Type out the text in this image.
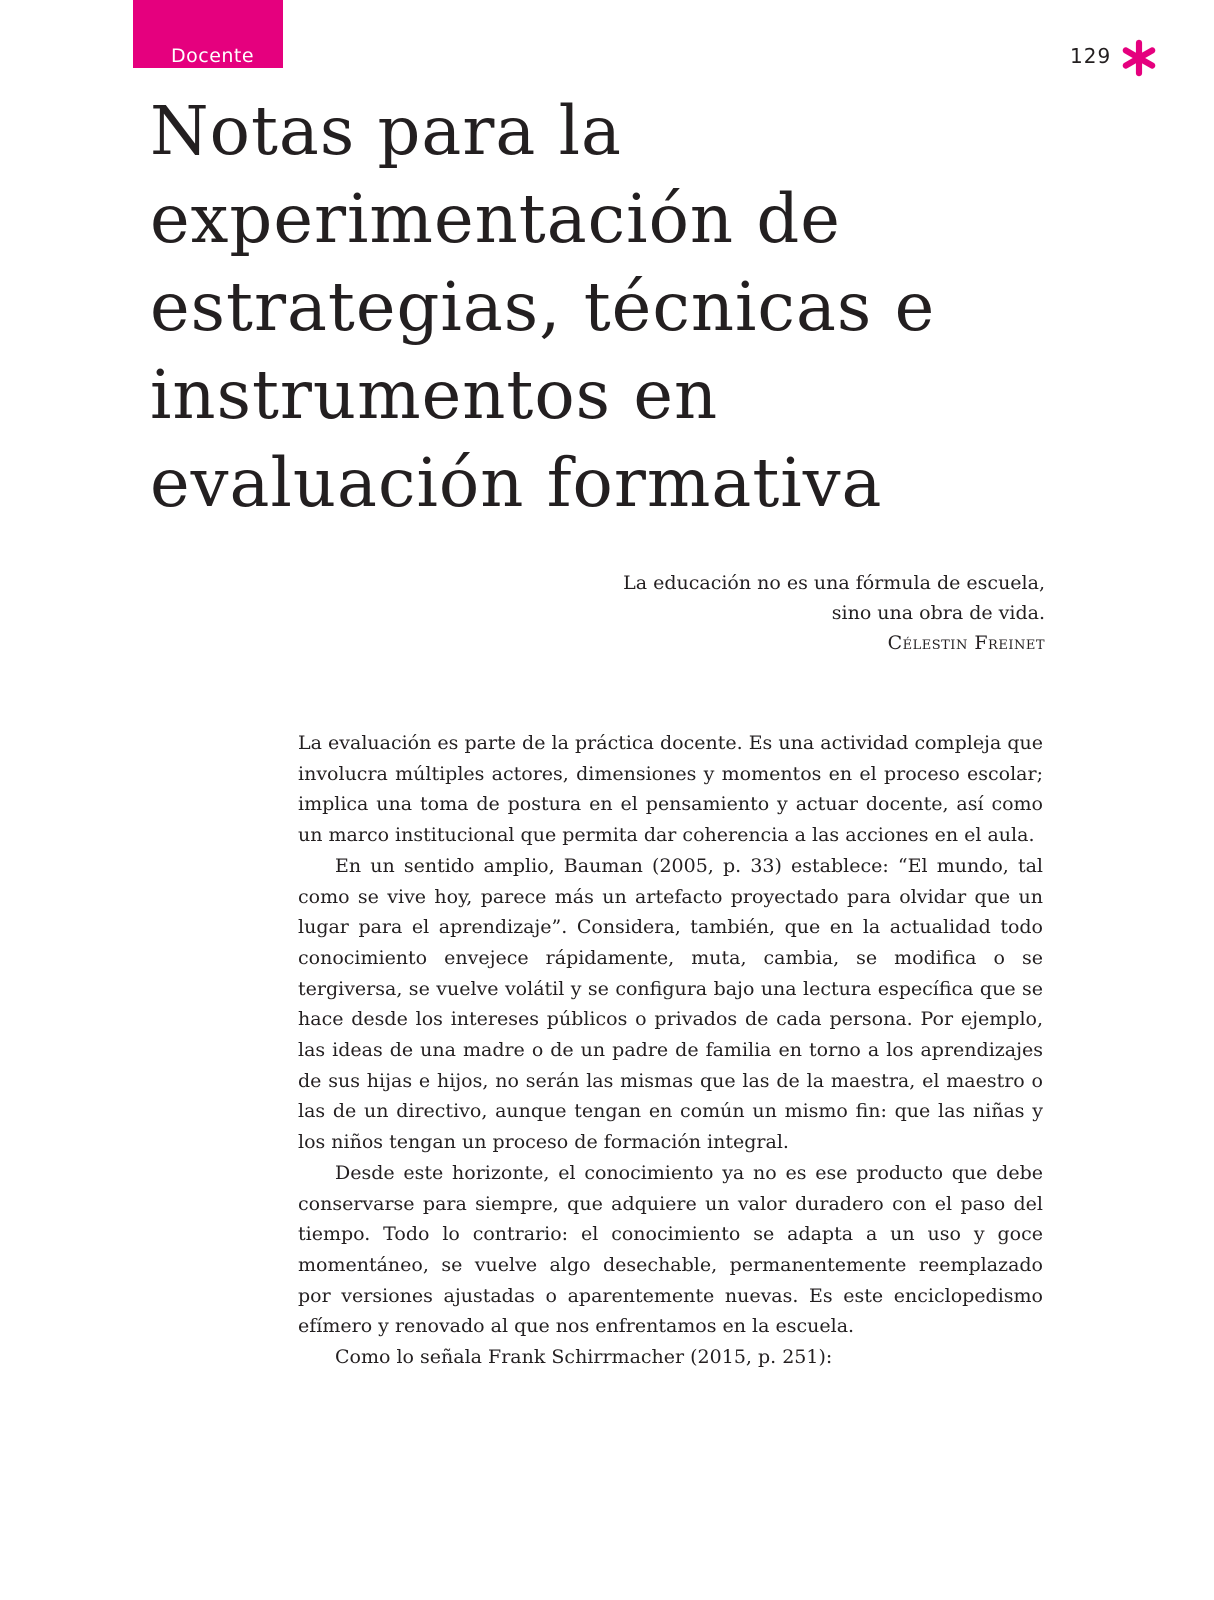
Docente	129
Notas para la
experimentación de
estrategias, técnicas e
instrumentos en
evaluación formativa
La educación no es una fórmula de escuela,
sino una obra de vida.
Célestin Freinet

La evaluación es parte de la práctica docente. Es una actividad compleja que involucra múltiples actores, dimensiones y momentos en el proceso escolar; implica una toma de postura en el pensamiento y actuar docente, así como un marco institucional que permita dar coherencia a las acciones en el aula.

En un sentido amplio, Bauman (2005, p. 33) establece: “El mundo, tal como se vive hoy, parece más un artefacto proyectado para olvidar que un lugar para el aprendizaje”. Considera, también, que en la actualidad todo conocimiento envejece rápidamente, muta, cambia, se modifica o se tergiversa, se vuelve volátil y se configura bajo una lectura específica que se hace desde los intereses públicos o privados de cada persona. Por ejemplo, las ideas de una madre o de un padre de familia en torno a los aprendizajes de sus hijas e hijos, no serán las mismas que las de la maestra, el maestro o las de un directivo, aunque tengan en común un mismo fin: que las niñas y los niños tengan un proceso de formación integral.

Desde este horizonte, el conocimiento ya no es ese producto que debe conservarse para siempre, que adquiere un valor duradero con el paso del tiempo. Todo lo contrario: el conocimiento se adapta a un uso y goce momentáneo, se vuelve algo desechable, permanentemente reemplazado por versiones ajustadas o aparentemente nuevas. Es este enciclopedismo efímero y renovado al que nos enfrentamos en la escuela.

Como lo señala Frank Schirrmacher (2015, p. 251):
